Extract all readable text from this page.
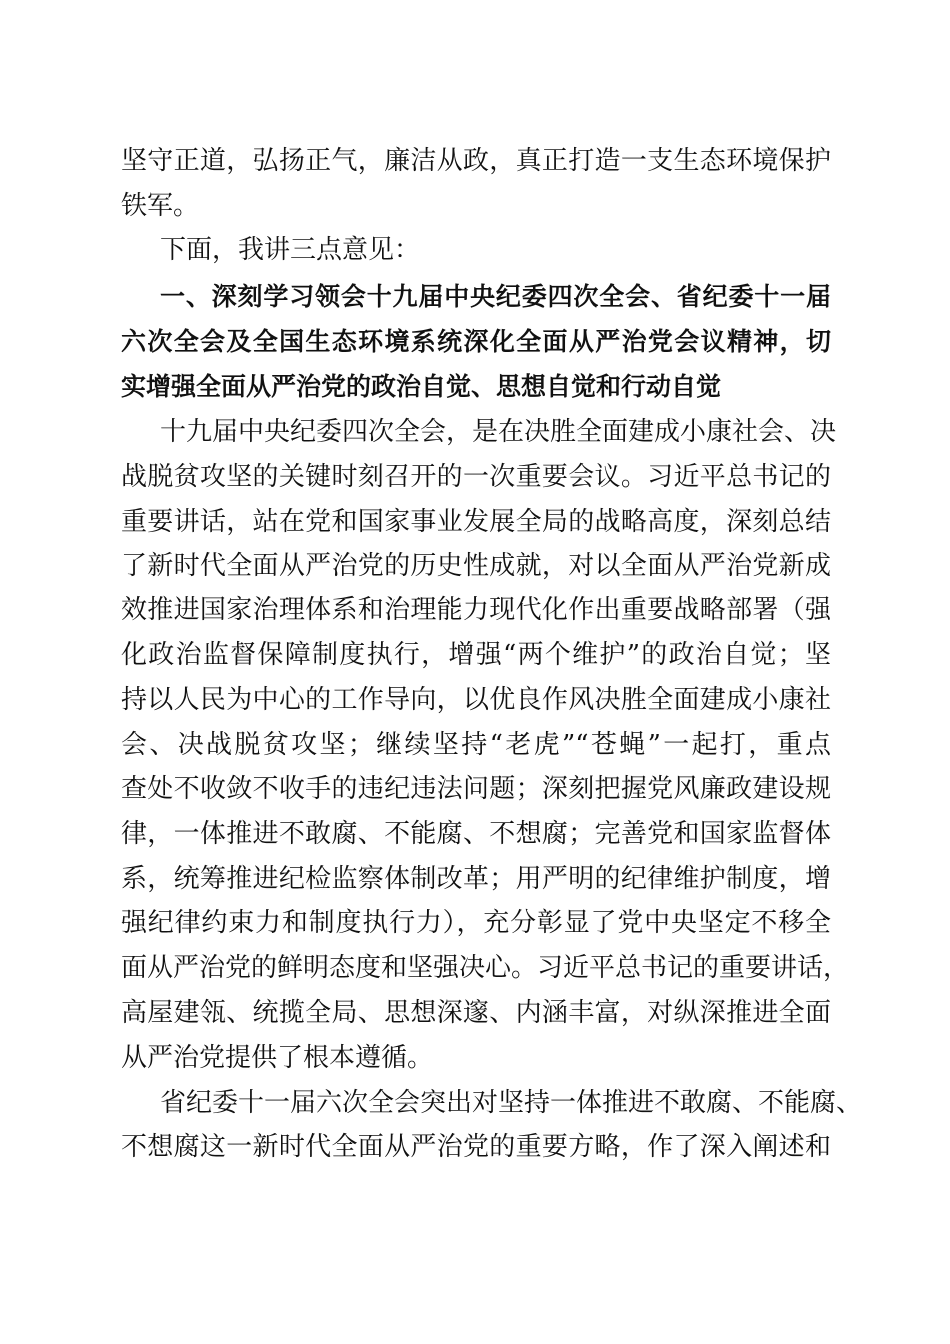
坚守正道，弘扬正气，廉洁从政，真正打造一支生态环境保护

铁军。

下面，我讲三点意见：

一、深刻学习领会十九届中央纪委四次全会、省纪委十一届

六次全会及全国生态环境系统深化全面从严治党会议精神，切

实增强全面从严治党的政治自觉、思想自觉和行动自觉

十九届中央纪委四次全会，是在决胜全面建成小康社会、决

战脱贫攻坚的关键时刻召开的一次重要会议。习近平总书记的

重要讲话，站在党和国家事业发展全局的战略高度，深刻总结

了新时代全面从严治党的历史性成就，对以全面从严治党新成

效推进国家治理体系和治理能力现代化作出重要战略部署（强

化政治监督保障制度执行，增强“两个维护”的政治自觉；坚

持以人民为中心的工作导向，以优良作风决胜全面建成小康社

会、决战脱贫攻坚；继续坚持“老虎”“苍蝇”一起打，重点

查处不收敛不收手的违纪违法问题；深刻把握党风廉政建设规

律，一体推进不敢腐、不能腐、不想腐；完善党和国家监督体

系，统筹推进纪检监察体制改革；用严明的纪律维护制度，增

强纪律约束力和制度执行力），充分彰显了党中央坚定不移全

面从严治党的鲜明态度和坚强决心。习近平总书记的重要讲话，

高屋建瓴、统揽全局、思想深邃、内涵丰富，对纵深推进全面

从严治党提供了根本遵循。

省纪委十一届六次全会突出对坚持一体推进不敢腐、不能腐、

不想腐这一新时代全面从严治党的重要方略，作了深入阐述和
